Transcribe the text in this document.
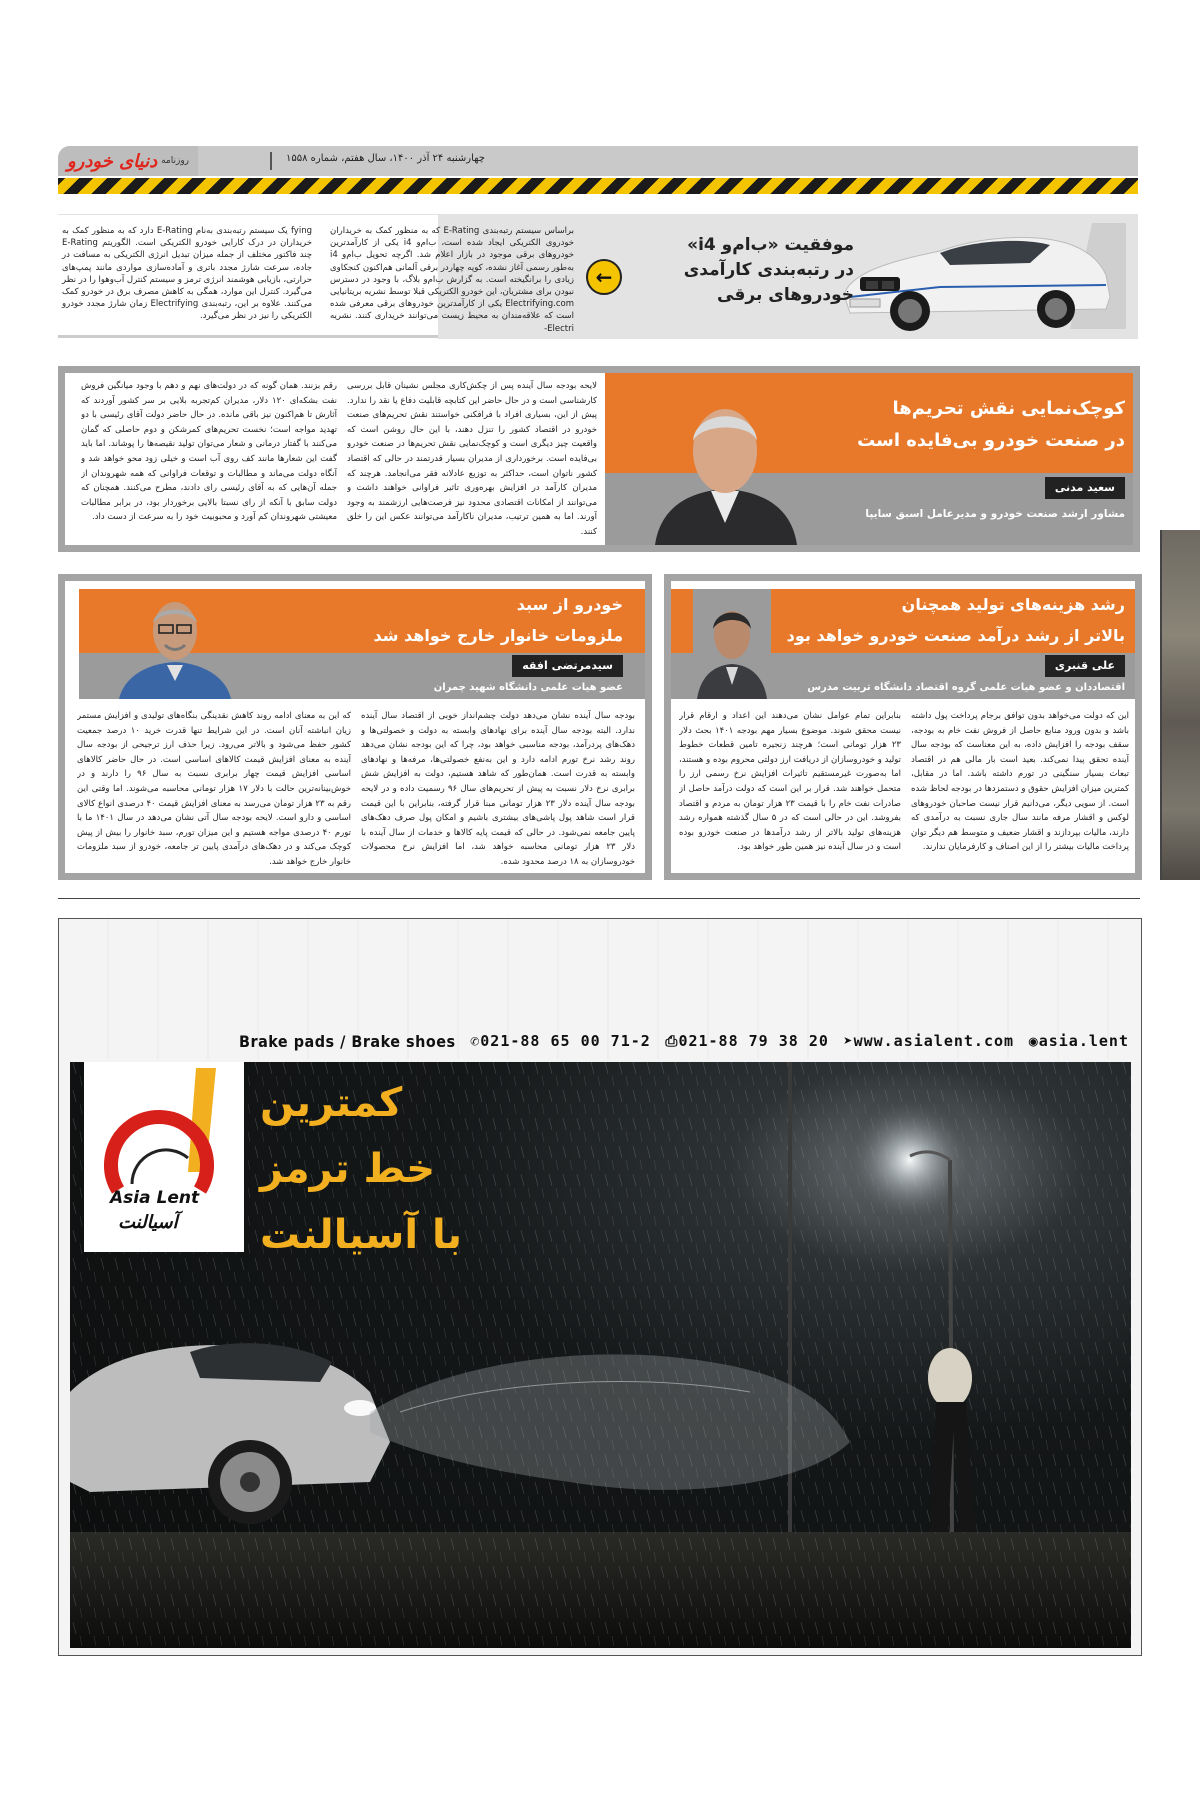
دنیای خودرو روزنامه	چهارشنبه ۲۴ آذر ۱۴۰۰، سال هفتم، شماره ۱۵۵۸
موفقیت «ب‌ام‌و i4»
در رتبه‌بندی کارآمدی
خودروهای برقی
←
براساس سیستم رتبه‌بندی E-Rating که به منظور کمک به خریداران خودروی الکتریکی ایجاد شده است، ب‌ام‌و i4 یکی از کارآمدترین خودروهای برقی موجود در بازار اعلام شد. اگرچه تحویل ب‌ام‌و i4 به‌طور رسمی آغاز نشده، کوپه چهاردر برقی آلمانی هم‌اکنون کنجکاوی زیادی را برانگیخته است. به گزارش ب‌ام‌و بلاگ، با وجود در دسترس نبودن برای مشتریان، این خودرو الکتریکی قبلا توسط نشریه بریتانیایی Electrifying.com یکی از کارآمدترین خودروهای برقی معرفی شده است که علاقه‌مندان به محیط زیست می‌توانند خریداری کنند. نشریه Electri-
fying یک سیستم رتبه‌بندی به‌نام E-Rating دارد که به منظور کمک به خریداران در درک کارایی خودرو الکتریکی است. الگوریتم E-Rating چند فاکتور مختلف از جمله میزان تبدیل انرژی الکتریکی به مسافت در جاده، سرعت شارژ مجدد باتری و آماده‌سازی مواردی مانند پمپ‌های حرارتی، بازیابی هوشمند انرژی ترمز و سیستم کنترل آب‌وهوا را در نظر می‌گیرد. کنترل این موارد، همگی به کاهش مصرف برق در خودرو کمک می‌کنند. علاوه بر این، رتبه‌بندی Electrifying زمان شارژ مجدد خودرو الکتریکی را نیز در نظر می‌گیرد.
کوچک‌نمایی نقش تحریم‌ها
در صنعت خودرو بی‌فایده است
سعید مدنی
مشاور ارشد صنعت خودرو و مدیرعامل اسبق سایپا
لایحه بودجه سال آینده پس از چکش‌کاری مجلس نشینان قابل بررسی کارشناسی است و در حال حاضر این کتابچه قابلیت دفاع یا نقد را ندارد. پیش از این، بسیاری افراد با فرافکنی خواستند نقش تحریم‌های صنعت خودرو در اقتصاد کشور را تنزل دهند، با این حال روشن است که واقعیت چیز دیگری است و کوچک‌نمایی نقش تحریم‌ها در صنعت خودرو بی‌فایده است. برخورداری از مدیران بسیار قدرتمند در حالی که اقتصاد کشور ناتوان است، حداکثر به توزیع عادلانه فقر می‌انجامد. هرچند که مدیران کارآمد در افزایش بهره‌وری تاثیر فراوانی خواهند داشت و می‌توانند از امکانات اقتصادی محدود نیز فرصت‌هایی ارزشمند به وجود آورند. اما به همین ترتیب، مدیران ناکارآمد می‌توانند عکس این را خلق کنند.
رقم بزنند. همان گونه که در دولت‌های نهم و دهم با وجود میانگین فروش نفت بشکه‌ای ۱۲۰ دلار، مدیران کم‌تجربه بلایی بر سر کشور آوردند که آثارش تا هم‌اکنون نیز باقی مانده. در حال حاضر دولت آقای رئیسی با دو تهدید مواجه است؛ نخست تحریم‌های کمرشکن و دوم حاصلی که گمان می‌کنند با گفتار درمانی و شعار می‌توان تولید نقیصه‌ها را پوشاند. اما باید گفت این شعارها مانند کف روی آب است و خیلی زود محو خواهد شد و آنگاه دولت می‌ماند و مطالبات و توقعات فراوانی که همه شهروندان از جمله آن‌هایی که به آقای رئیسی رای دادند، مطرح می‌کنند. همچنان که دولت سابق با آنکه از رای نسبتا بالایی برخوردار بود، در برابر مطالبات معیشتی شهروندان کم آورد و محبوبیت خود را به سرعت از دست داد.
رشد هزینه‌های تولید همچنان
بالاتر از رشد درآمد صنعت خودرو خواهد بود
علی قنبری
اقتصاددان و عضو هیات علمی گروه اقتصاد دانشگاه تربیت مدرس
این که دولت می‌خواهد بدون توافق برجام پرداخت پول داشته باشد و بدون ورود منابع حاصل از فروش نفت خام به بودجه، سقف بودجه را افزایش داده، به این معناست که بودجه سال آینده تحقق پیدا نمی‌کند. بعید است بار مالی هم در اقتصاد تبعات بسیار سنگینی در تورم داشته باشد. اما در مقابل، کمترین میزان افزایش حقوق و دستمزدها در بودجه لحاظ شده است. از سویی دیگر، می‌دانیم قرار نیست صاحبان خودروهای لوکس و اقشار مرفه مانند سال جاری نسبت به درآمدی که دارند، مالیات بپردازند و اقشار ضعیف و متوسط هم دیگر توان پرداخت مالیات بیشتر را از این اصناف و کارفرمایان ندارند.
بنابراین تمام عوامل نشان می‌دهند این اعداد و ارقام قرار نیست محقق شوند. موضوع بسیار مهم بودجه ۱۴۰۱ بحث دلار ۲۳ هزار تومانی است؛ هرچند زنجیره تامین قطعات خطوط تولید و خودروسازان از دریافت ارز دولتی محروم بوده و هستند، اما به‌صورت غیرمستقیم تاثیرات افزایش نرخ رسمی ارز را متحمل خواهند شد. قرار بر این است که دولت درآمد حاصل از صادرات نفت خام را با قیمت ۲۳ هزار تومان به مردم و اقتصاد بفروشد. این در حالی است که در ۵ سال گذشته همواره رشد هزینه‌های تولید بالاتر از رشد درآمدها در صنعت خودرو بوده است و در سال آینده نیز همین طور خواهد بود.
خودرو از سبد
ملزومات خانوار خارج خواهد شد
سیدمرتضی افقه
عضو هیات علمی دانشگاه شهید چمران
بودجه سال آینده نشان می‌دهد دولت چشم‌انداز خوبی از اقتصاد سال آینده ندارد. البته بودجه سال آینده برای نهادهای وابسته به دولت و خصولتی‌ها و دهک‌های پردرآمد، بودجه مناسبی خواهد بود، چرا که این بودجه نشان می‌دهد روند رشد نرخ تورم ادامه دارد و این به‌نفع خصولتی‌ها، مرفه‌ها و نهادهای وابسته به قدرت است. همان‌طور که شاهد هستیم، دولت به افزایش شش برابری نرخ دلار نسبت به پیش از تحریم‌های سال ۹۶ رسمیت داده و در لایحه بودجه سال آینده دلار ۲۳ هزار تومانی مبنا قرار گرفته، بنابراین با این قیمت قرار است شاهد پول پاشی‌های بیشتری باشیم و امکان پول صرف دهک‌های پایین جامعه نمی‌شود. در حالی که قیمت پایه کالاها و خدمات از سال آینده با دلار ۲۳ هزار تومانی محاسبه خواهد شد، اما افزایش نرخ محصولات خودروسازان به ۱۸ درصد محدود شده.
که این به معنای ادامه روند کاهش نقدینگی بنگاه‌های تولیدی و افزایش مستمر زیان انباشته آنان است. در این شرایط تنها قدرت خرید ۱۰ درصد جمعیت کشور حفظ می‌شود و بالاتر می‌رود. زیرا حذف ارز ترجیحی از بودجه سال آینده به معنای افزایش قیمت کالاهای اساسی است. در حال حاضر کالاهای اساسی افزایش قیمت چهار برابری نسبت به سال ۹۶ را دارند و در خوش‌بینانه‌ترین حالت با دلار ۱۷ هزار تومانی محاسبه می‌شوند. اما وقتی این رقم به ۲۳ هزار تومان می‌رسد به معنای افزایش قیمت ۴۰ درصدی انواع کالای اساسی و دارو است. لایحه بودجه سال آتی نشان می‌دهد در سال ۱۴۰۱ ما با تورم ۴۰ درصدی مواجه هستیم و این میزان تورم، سبد خانوار را بیش از پیش کوچک می‌کند و در دهک‌های درآمدی پایین تر جامعه، خودرو از سبد ملزومات خانوار خارج خواهد شد.
Brake pads / Brake shoes ✆021-88 65 00 71-2 ⎙021-88 79 38 20 ➤www.asialent.com ◉asia.lent
Asia Lent
آسیالنت
کمترین
خط ترمز
با آسیالنت
